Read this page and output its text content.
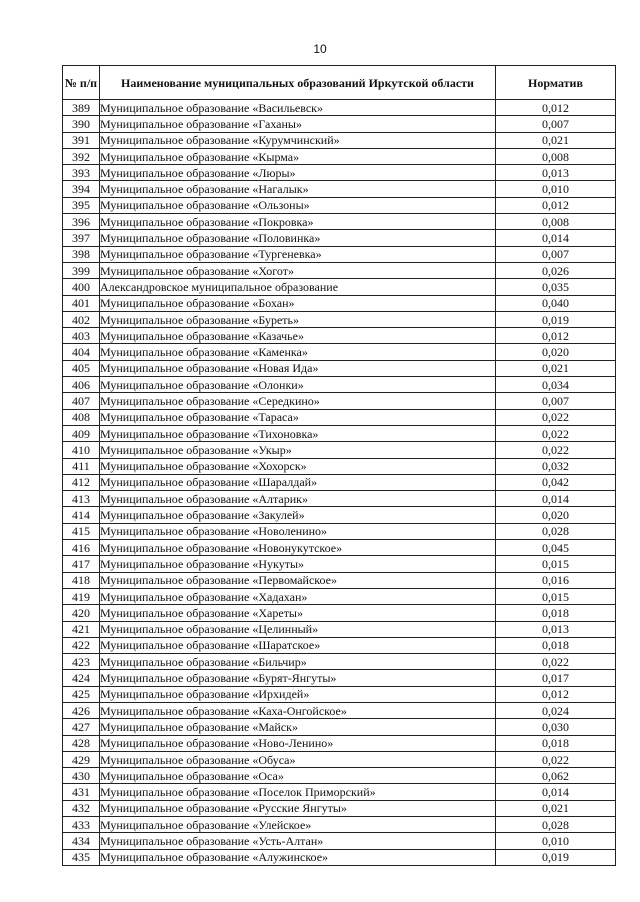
10
№ п/п	Наименование муниципальных образований Иркутской области	Норматив
389	Муниципальное образование «Васильевск»	0,012
390	Муниципальное образование «Гаханы»	0,007
391	Муниципальное образование «Курумчинский»	0,021
392	Муниципальное образование «Кырма»	0,008
393	Муниципальное образование «Люры»	0,013
394	Муниципальное образование «Нагалык»	0,010
395	Муниципальное образование «Ользоны»	0,012
396	Муниципальное образование «Покровка»	0,008
397	Муниципальное образование «Половинка»	0,014
398	Муниципальное образование «Тургеневка»	0,007
399	Муниципальное образование «Хогот»	0,026
400	Александровское муниципальное образование	0,035
401	Муниципальное образование «Бохан»	0,040
402	Муниципальное образование «Буреть»	0,019
403	Муниципальное образование «Казачье»	0,012
404	Муниципальное образование «Каменка»	0,020
405	Муниципальное образование «Новая Ида»	0,021
406	Муниципальное образование «Олонки»	0,034
407	Муниципальное образование «Середкино»	0,007
408	Муниципальное образование «Тараса»	0,022
409	Муниципальное образование «Тихоновка»	0,022
410	Муниципальное образование «Укыр»	0,022
411	Муниципальное образование «Хохорск»	0,032
412	Муниципальное образование «Шаралдай»	0,042
413	Муниципальное образование «Алтарик»	0,014
414	Муниципальное образование «Закулей»	0,020
415	Муниципальное образование «Новоленино»	0,028
416	Муниципальное образование «Новонукутское»	0,045
417	Муниципальное образование «Нукуты»	0,015
418	Муниципальное образование «Первомайское»	0,016
419	Муниципальное образование «Хадахан»	0,015
420	Муниципальное образование «Хареты»	0,018
421	Муниципальное образование «Целинный»	0,013
422	Муниципальное образование «Шаратское»	0,018
423	Муниципальное образование «Бильчир»	0,022
424	Муниципальное образование «Бурят-Янгуты»	0,017
425	Муниципальное образование «Ирхидей»	0,012
426	Муниципальное образование «Каха-Онгойское»	0,024
427	Муниципальное образование «Майск»	0,030
428	Муниципальное образование «Ново-Ленино»	0,018
429	Муниципальное образование «Обуса»	0,022
430	Муниципальное образование «Оса»	0,062
431	Муниципальное образование «Поселок Приморский»	0,014
432	Муниципальное образование «Русские Янгуты»	0,021
433	Муниципальное образование «Улейское»	0,028
434	Муниципальное образование «Усть-Алтан»	0,010
435	Муниципальное образование «Алужинское»	0,019
